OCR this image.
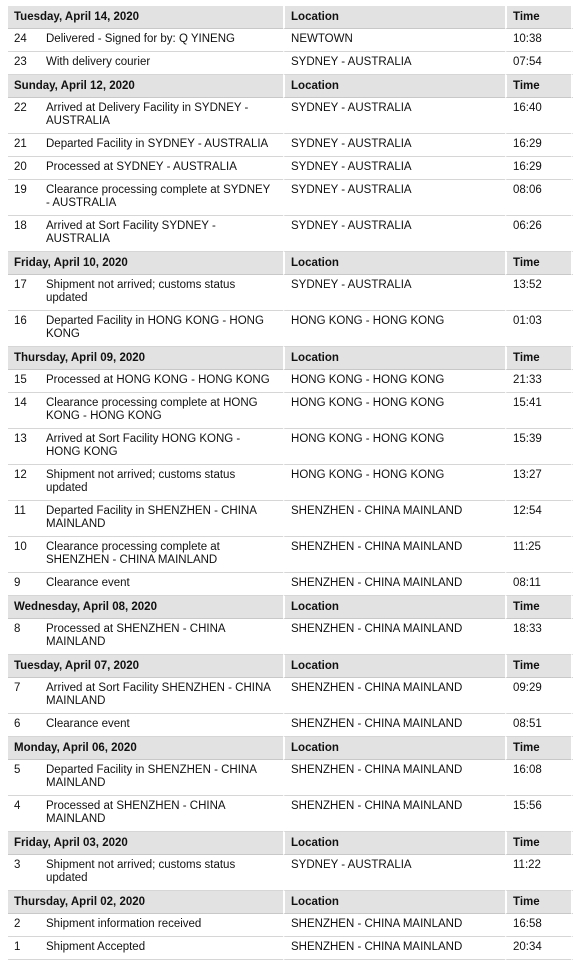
Tuesday, April 14, 2020		Location	Time	
24	Delivered - Signed for by: Q YINENG	NEWTOWN	10:38	
23	With delivery courier	SYDNEY - AUSTRALIA	07:54	
Sunday, April 12, 2020		Location	Time	
22	Arrived at Delivery Facility in SYDNEY - AUSTRALIA	SYDNEY - AUSTRALIA	16:40	
21	Departed Facility in SYDNEY - AUSTRALIA	SYDNEY - AUSTRALIA	16:29	
20	Processed at SYDNEY - AUSTRALIA	SYDNEY - AUSTRALIA	16:29	
19	Clearance processing complete at SYDNEY - AUSTRALIA	SYDNEY - AUSTRALIA	08:06	
18	Arrived at Sort Facility SYDNEY - AUSTRALIA	SYDNEY - AUSTRALIA	06:26	
Friday, April 10, 2020		Location	Time	
17	Shipment not arrived; customs status updated	SYDNEY - AUSTRALIA	13:52	
16	Departed Facility in HONG KONG - HONG KONG	HONG KONG - HONG KONG	01:03	
Thursday, April 09, 2020		Location	Time	
15	Processed at HONG KONG - HONG KONG	HONG KONG - HONG KONG	21:33	
14	Clearance processing complete at HONG KONG - HONG KONG	HONG KONG - HONG KONG	15:41	
13	Arrived at Sort Facility HONG KONG - HONG KONG	HONG KONG - HONG KONG	15:39	
12	Shipment not arrived; customs status updated	HONG KONG - HONG KONG	13:27	
11	Departed Facility in SHENZHEN - CHINA MAINLAND	SHENZHEN - CHINA MAINLAND	12:54	
10	Clearance processing complete at SHENZHEN - CHINA MAINLAND	SHENZHEN - CHINA MAINLAND	11:25	
9	Clearance event	SHENZHEN - CHINA MAINLAND	08:11	
Wednesday, April 08, 2020		Location	Time	
8	Processed at SHENZHEN - CHINA MAINLAND	SHENZHEN - CHINA MAINLAND	18:33	
Tuesday, April 07, 2020		Location	Time	
7	Arrived at Sort Facility SHENZHEN - CHINA MAINLAND	SHENZHEN - CHINA MAINLAND	09:29	
6	Clearance event	SHENZHEN - CHINA MAINLAND	08:51	
Monday, April 06, 2020		Location	Time	
5	Departed Facility in SHENZHEN - CHINA MAINLAND	SHENZHEN - CHINA MAINLAND	16:08	
4	Processed at SHENZHEN - CHINA MAINLAND	SHENZHEN - CHINA MAINLAND	15:56	
Friday, April 03, 2020		Location	Time	
3	Shipment not arrived; customs status updated	SYDNEY - AUSTRALIA	11:22	
Thursday, April 02, 2020		Location	Time	
2	Shipment information received	SHENZHEN - CHINA MAINLAND	16:58	
1	Shipment Accepted	SHENZHEN - CHINA MAINLAND	20:34	
